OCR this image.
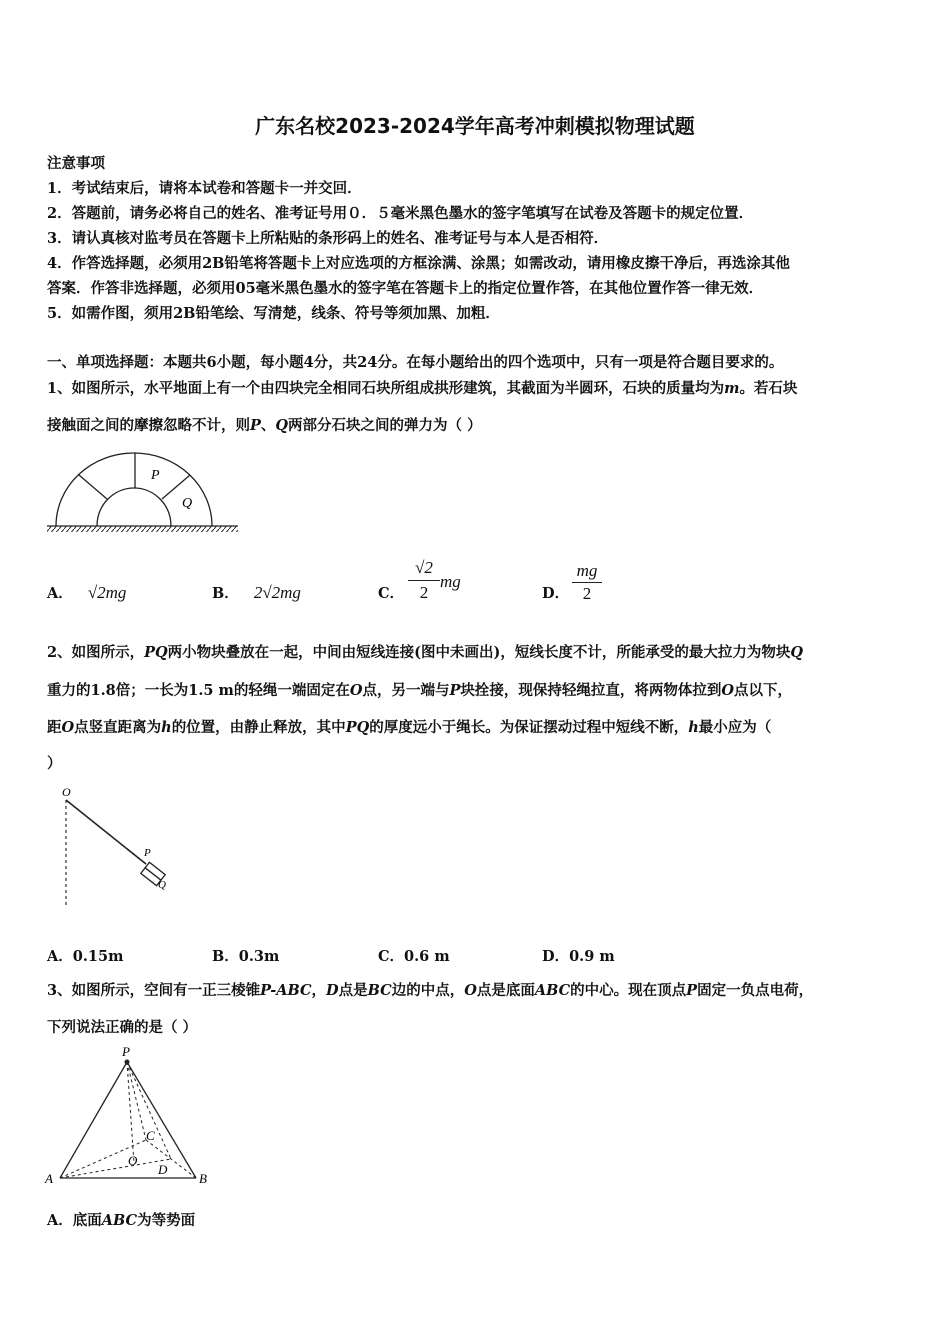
广东名校2023-2024学年高考冲刺模拟物理试题
注意事项
1．考试结束后，请将本试卷和答题卡一并交回．
2．答题前，请务必将自己的姓名、准考证号用０．５毫米黑色墨水的签字笔填写在试卷及答题卡的规定位置．
3．请认真核对监考员在答题卡上所粘贴的条形码上的姓名、准考证号与本人是否相符．
4．作答选择题，必须用2B铅笔将答题卡上对应选项的方框涂满、涂黑；如需改动，请用橡皮擦干净后，再选涂其他
答案．作答非选择题，必须用05毫米黑色墨水的签字笔在答题卡上的指定位置作答，在其他位置作答一律无效．
5．如需作图，须用2B铅笔绘、写清楚，线条、符号等须加黑、加粗．
一、单项选择题：本题共6小题，每小题4分，共24分。在每小题给出的四个选项中，只有一项是符合题目要求的。
1、如图所示，水平地面上有一个由四块完全相同石块所组成拱形建筑，其截面为半圆环，石块的质量均为m。若石块
接触面之间的摩擦忽略不计，则P、Q两部分石块之间的弹力为（ ）
P
Q
A． √2mg	B． 2√2mg	C．
√2
2
mg
D．
mg
2
2、如图所示，PQ两小物块叠放在一起，中间由短线连接(图中未画出)，短线长度不计，所能承受的最大拉力为物块Q
重力的1.8倍；一长为1.5 m的轻绳一端固定在O点，另一端与P块拴接，现保持轻绳拉直，将两物体拉到O点以下，
距O点竖直距离为h的位置，由静止释放，其中PQ的厚度远小于绳长。为保证摆动过程中短线不断，h最小应为（
）
O
P
Q
A．0.15m	B．0.3m	C．0.6 m	D．0.9 m
3、如图所示，空间有一正三棱锥P-ABC，D点是BC边的中点，O点是底面ABC的中心。现在顶点P固定一负点电荷，
下列说法正确的是（ ）
P
A	B
C
O
D
A．底面ABC为等势面
